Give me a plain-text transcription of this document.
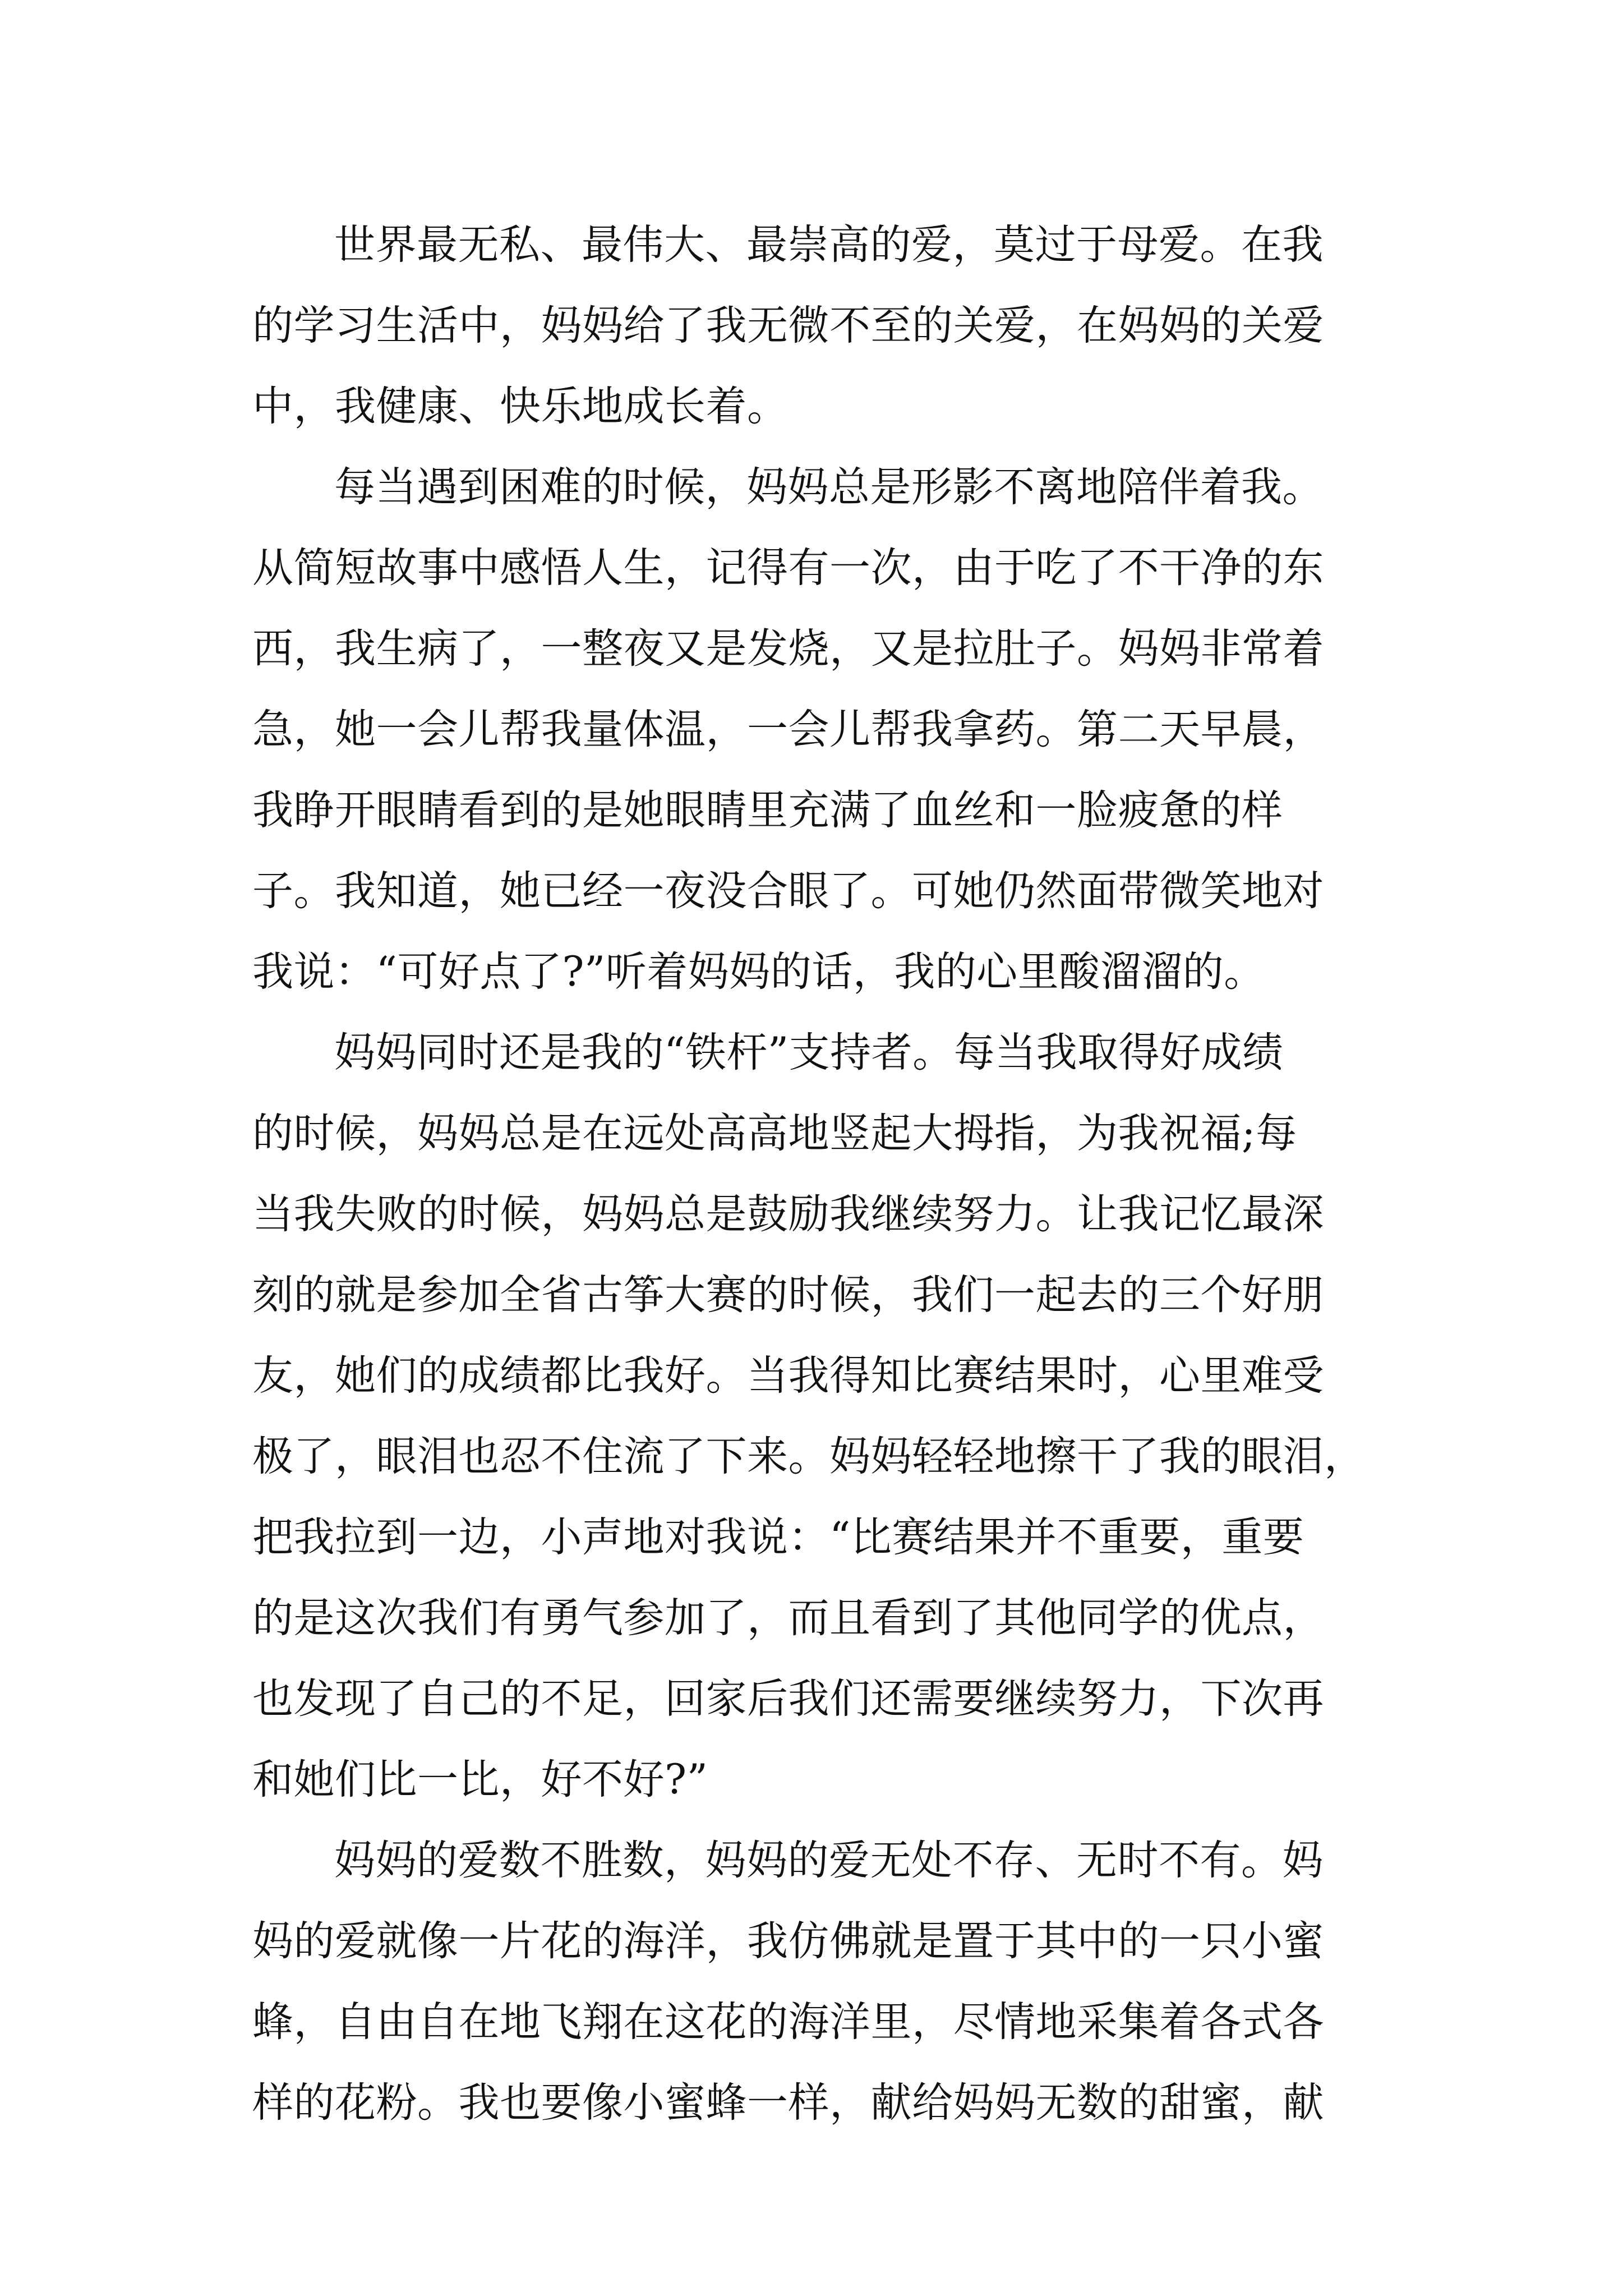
世界最无私、最伟大、最崇高的爱，莫过于母爱。在我
的学习生活中，妈妈给了我无微不至的关爱，在妈妈的关爱
中，我健康、快乐地成长着。
每当遇到困难的时候，妈妈总是形影不离地陪伴着我。
从简短故事中感悟人生，记得有一次，由于吃了不干净的东
西，我生病了，一整夜又是发烧，又是拉肚子。妈妈非常着
急，她一会儿帮我量体温，一会儿帮我拿药。第二天早晨，
我睁开眼睛看到的是她眼睛里充满了血丝和一脸疲惫的样
子。我知道，她已经一夜没合眼了。可她仍然面带微笑地对
我说：“可好点了?”听着妈妈的话，我的心里酸溜溜的。
妈妈同时还是我的“铁杆”支持者。每当我取得好成绩
的时候，妈妈总是在远处高高地竖起大拇指，为我祝福;每
当我失败的时候，妈妈总是鼓励我继续努力。让我记忆最深
刻的就是参加全省古筝大赛的时候，我们一起去的三个好朋
友，她们的成绩都比我好。当我得知比赛结果时，心里难受
极了，眼泪也忍不住流了下来。妈妈轻轻地擦干了我的眼泪，
把我拉到一边，小声地对我说：“比赛结果并不重要，重要
的是这次我们有勇气参加了，而且看到了其他同学的优点，
也发现了自己的不足，回家后我们还需要继续努力，下次再
和她们比一比，好不好?”
妈妈的爱数不胜数，妈妈的爱无处不存、无时不有。妈
妈的爱就像一片花的海洋，我仿佛就是置于其中的一只小蜜
蜂，自由自在地飞翔在这花的海洋里，尽情地采集着各式各
样的花粉。我也要像小蜜蜂一样，献给妈妈无数的甜蜜，献
